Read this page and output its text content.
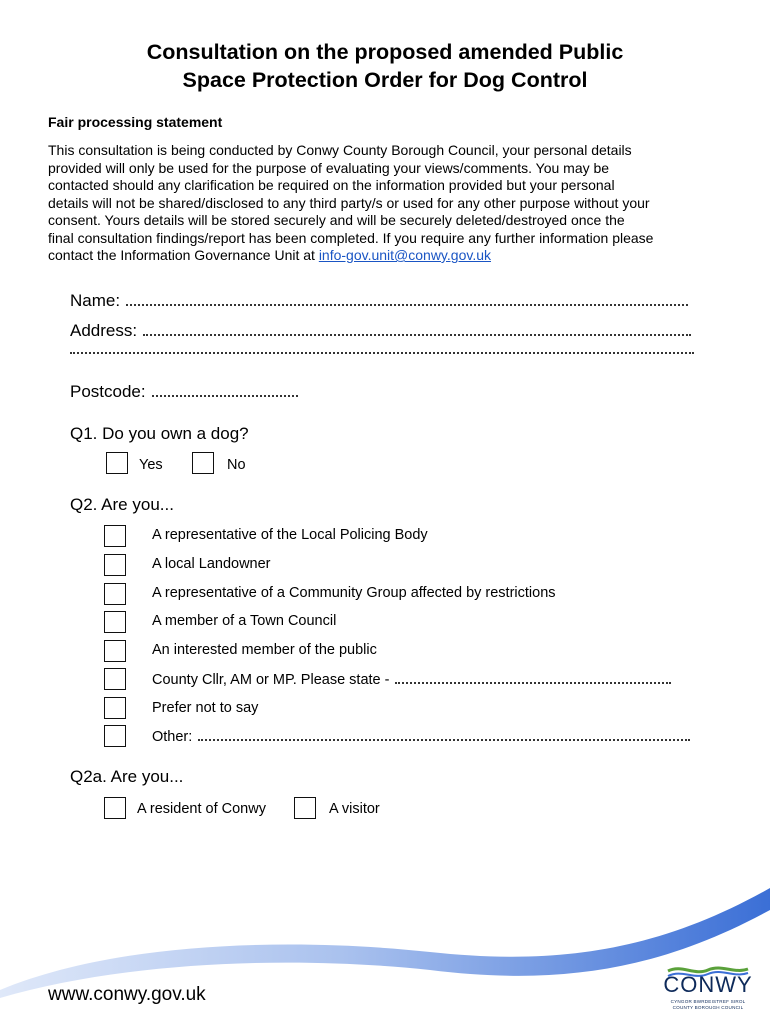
Consultation on the proposed amended Public
Space Protection Order for Dog Control
Fair processing statement
This consultation is being conducted by Conwy County Borough Council, your personal details
provided will only be used for the purpose of evaluating your views/comments. You may be
contacted should any clarification be required on the information provided but your personal
details will not be shared/disclosed to any third party/s or used for any other purpose without your
consent. Yours details will be stored securely and will be securely deleted/destroyed once the
final consultation findings/report has been completed. If you require any further information please
contact the Information Governance Unit at info-gov.unit@conwy.gov.uk
Name:
Address:
Postcode:
Q1. Do you own a dog?
Yes	No
Q2. Are you...
A representative of the Local Policing Body
A local Landowner
A representative of a Community Group affected by restrictions
A member of a Town Council
An interested member of the public
County Cllr, AM or MP. Please state -
Prefer not to say
Other:
Q2a. Are you...
A resident of Conwy	A visitor
www.conwy.gov.uk	CONWY
CYNGOR BWRDEISTREF SIROL
COUNTY BOROUGH COUNCIL
